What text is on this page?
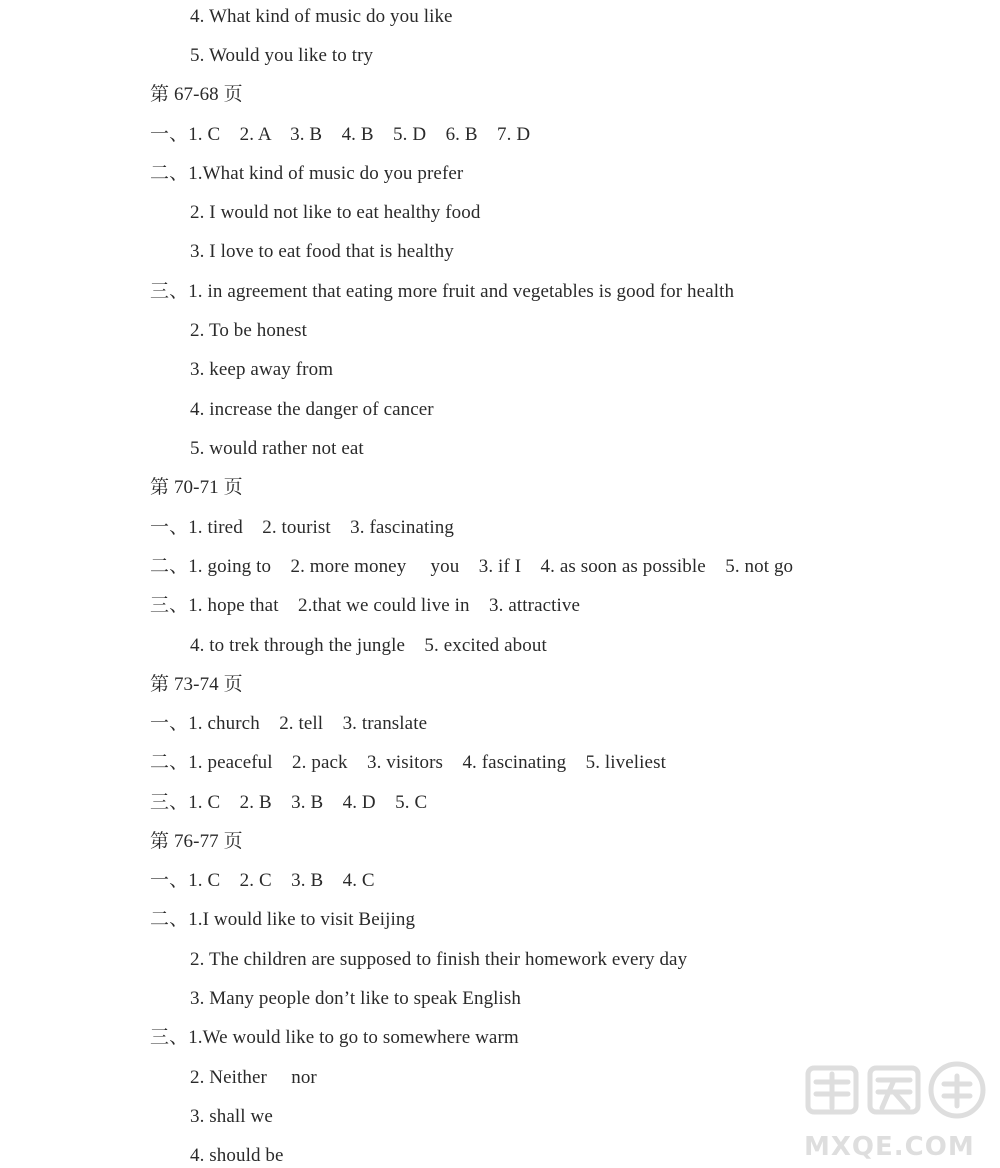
4. What kind of music do you like
5. Would you like to try
第 67-68 页
一、1. C    2. A    3. B    4. B    5. D    6. B    7. D
二、1.What kind of music do you prefer
2. I would not like to eat healthy food
3. I love to eat food that is healthy
三、1. in agreement that eating more fruit and vegetables is good for health
2. To be honest
3. keep away from
4. increase the danger of cancer
5. would rather not eat
第 70-71 页
一、1. tired    2. tourist    3. fascinating
二、1. going to    2. more money     you    3. if I    4. as soon as possible    5. not go
三、1. hope that    2.that we could live in    3. attractive
4. to trek through the jungle    5. excited about
第 73-74 页
一、1. church    2. tell    3. translate
二、1. peaceful    2. pack    3. visitors    4. fascinating    5. liveliest
三、1. C    2. B    3. B    4. D    5. C
第 76-77 页
一、1. C    2. C    3. B    4. C
二、1.I would like to visit Beijing
2. The children are supposed to finish their homework every day
3. Many people don’t like to speak English
三、1.We would like to go to somewhere warm
2. Neither     nor
3. shall we
4. should be	MXQE.COM
